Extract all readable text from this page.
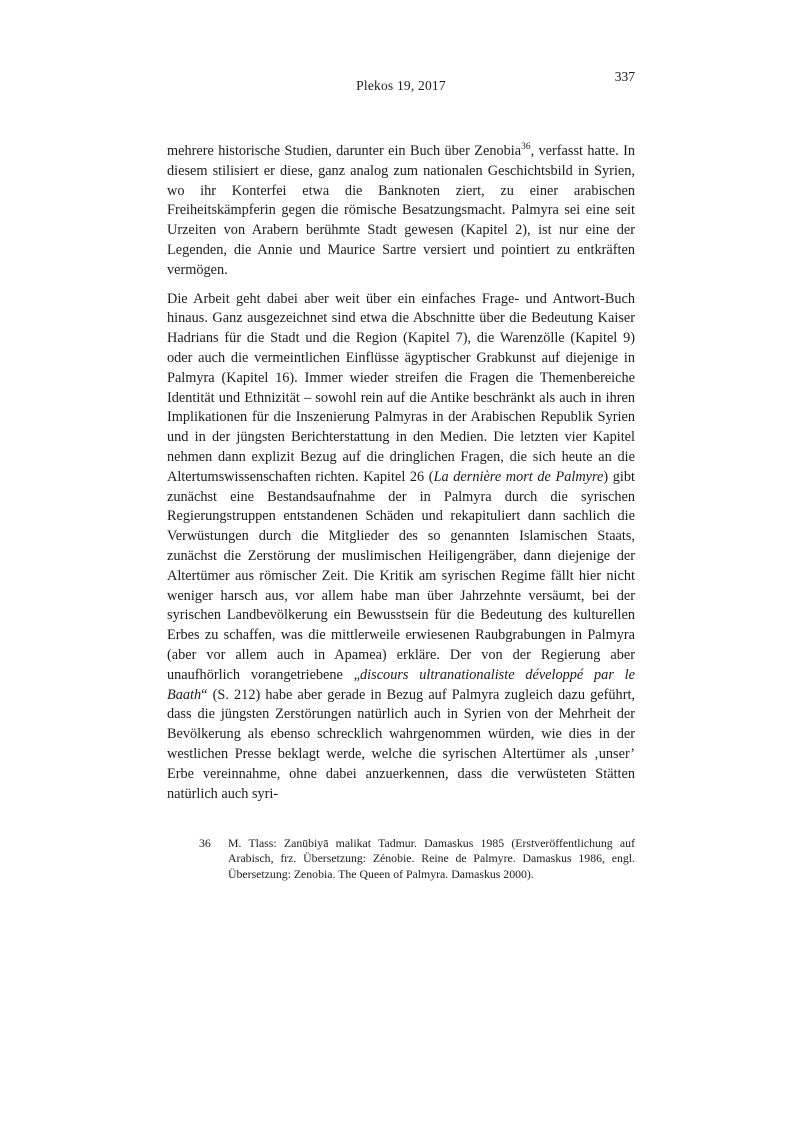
Plekos 19, 2017
337

mehrere historische Studien, darunter ein Buch über Zenobia$^{36}$, verfasst hatte. In diesem stilisiert er diese, ganz analog zum nationalen Geschichtsbild in Syrien, wo ihr Konterfei etwa die Banknoten ziert, zu einer arabischen Freiheitskämpferin gegen die römische Besatzungsmacht. Palmyra sei eine seit Urzeiten von Arabern berühmte Stadt gewesen (Kapitel 2), ist nur eine der Legenden, die Annie und Maurice Sartre versiert und pointiert zu entkräften vermögen.

Die Arbeit geht dabei aber weit über ein einfaches Frage- und Antwort-Buch hinaus. Ganz ausgezeichnet sind etwa die Abschnitte über die Bedeutung Kaiser Hadrians für die Stadt und die Region (Kapitel 7), die Warenzölle (Kapitel 9) oder auch die vermeintlichen Einflüsse ägyptischer Grabkunst auf diejenige in Palmyra (Kapitel 16). Immer wieder streifen die Fragen die Themenbereiche Identität und Ethnizität – sowohl rein auf die Antike beschränkt als auch in ihren Implikationen für die Inszenierung Palmyras in der Arabischen Republik Syrien und in der jüngsten Berichterstattung in den Medien. Die letzten vier Kapitel nehmen dann explizit Bezug auf die dringlichen Fragen, die sich heute an die Altertumswissenschaften richten. Kapitel 26 (La dernière mort de Palmyre) gibt zunächst eine Bestandsaufnahme der in Palmyra durch die syrischen Regierungstruppen entstandenen Schäden und rekapituliert dann sachlich die Verwüstungen durch die Mitglieder des so genannten Islamischen Staats, zunächst die Zerstörung der muslimischen Heiligengräber, dann diejenige der Altertümer aus römischer Zeit. Die Kritik am syrischen Regime fällt hier nicht weniger harsch aus, vor allem habe man über Jahrzehnte versäumt, bei der syrischen Landbevölkerung ein Bewusstsein für die Bedeutung des kulturellen Erbes zu schaffen, was die mittlerweile erwiesenen Raubgrabungen in Palmyra (aber vor allem auch in Apamea) erkläre. Der von der Regierung aber unaufhörlich vorangetriebene „discours ultranationaliste développé par le Baath“ (S. 212) habe aber gerade in Bezug auf Palmyra zugleich dazu geführt, dass die jüngsten Zerstörungen natürlich auch in Syrien von der Mehrheit der Bevölkerung als ebenso schrecklich wahrgenommen würden, wie dies in der westlichen Presse beklagt werde, welche die syrischen Altertümer als ‚unser’ Erbe vereinnahme, ohne dabei anzuerkennen, dass die verwüsteten Stätten natürlich auch syri-

36 M. Tlass: Zanūbiyā malikat Tadmur. Damaskus 1985 (Erstveröffentlichung auf Arabisch, frz. Übersetzung: Zénobie. Reine de Palmyre. Damaskus 1986, engl. Übersetzung: Zenobia. The Queen of Palmyra. Damaskus 2000).
